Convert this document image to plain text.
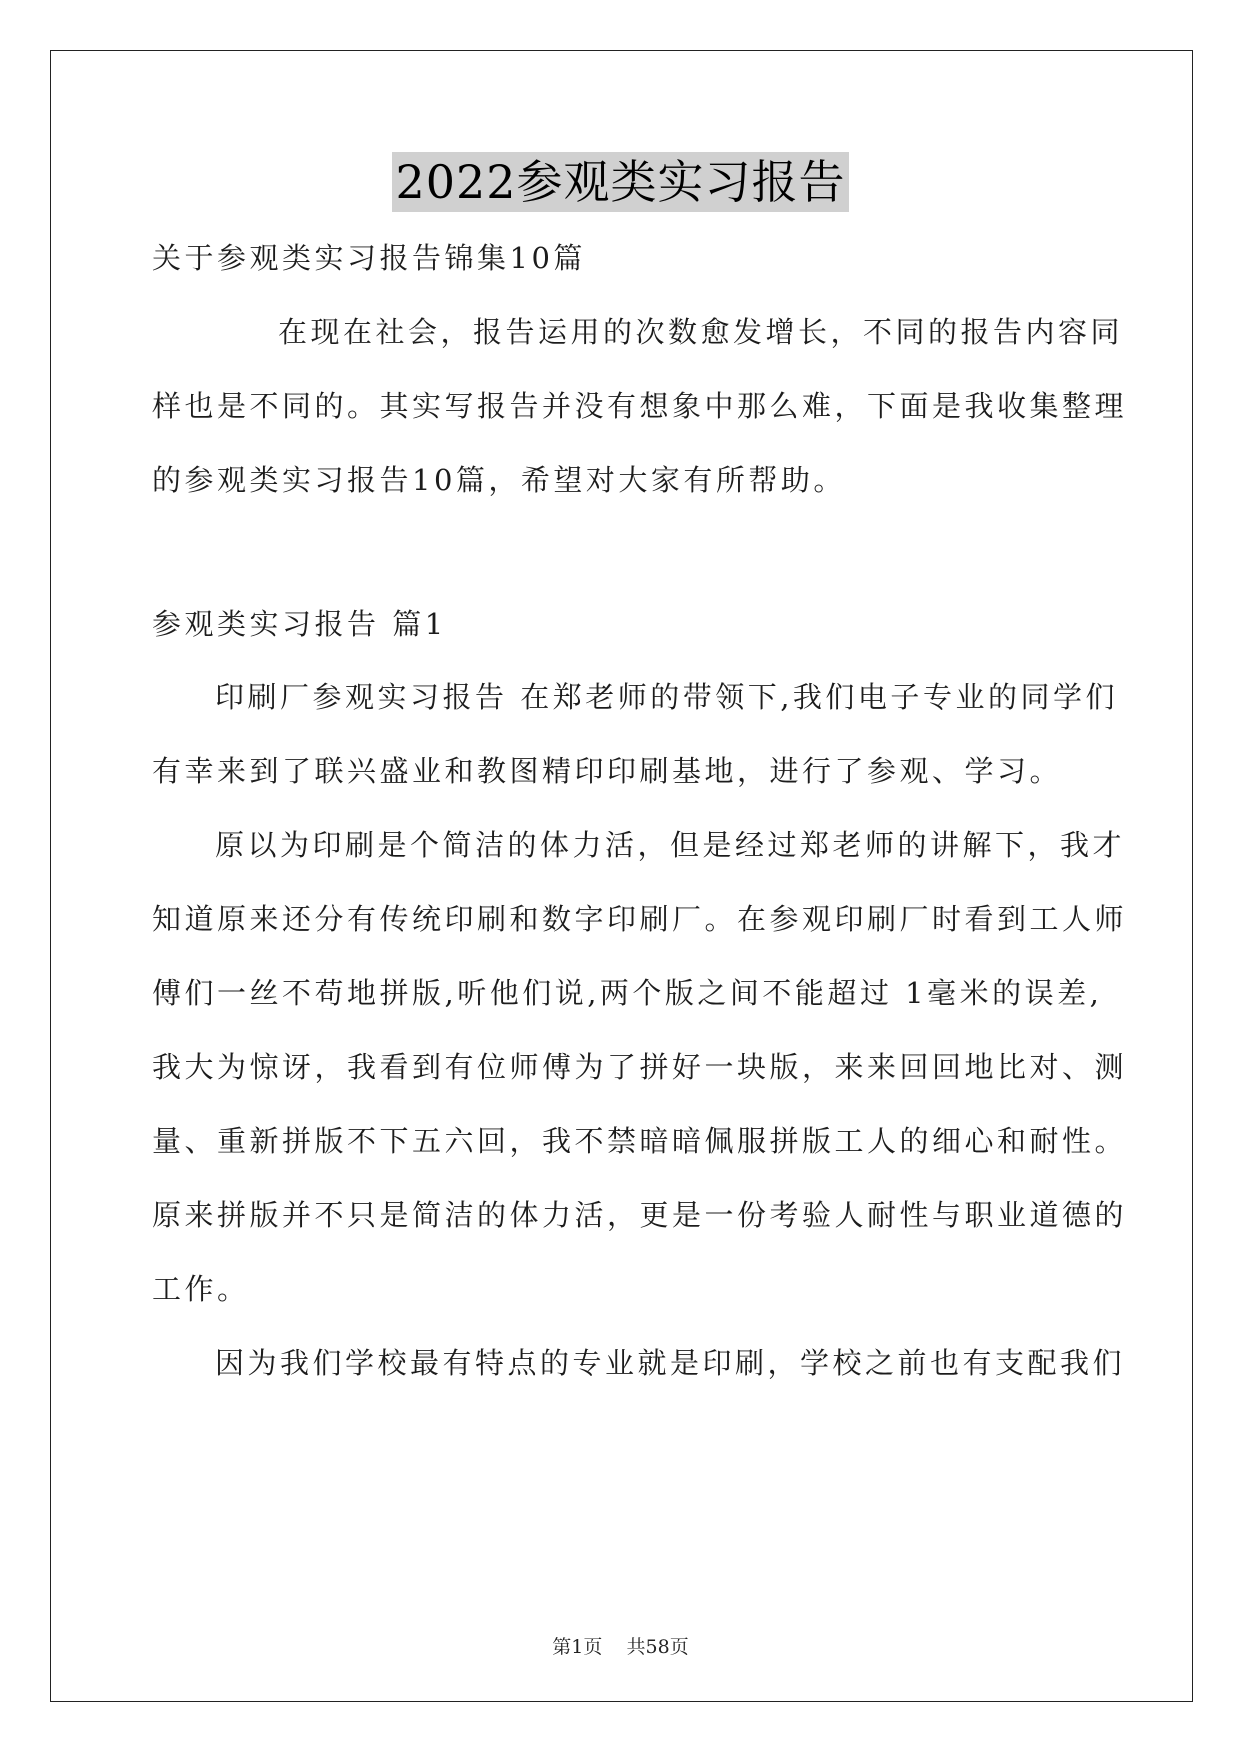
2022参观类实习报告
关于参观类实习报告锦集10篇
在现在社会，报告运用的次数愈发增长，不同的报告内容同
样也是不同的。其实写报告并没有想象中那么难，下面是我收集整理
的参观类实习报告10篇，希望对大家有所帮助。
参观类实习报告 篇1
印刷厂参观实习报告 在郑老师的带领下,我们电子专业的同学们
有幸来到了联兴盛业和教图精印印刷基地，进行了参观、学习。
原以为印刷是个简洁的体力活，但是经过郑老师的讲解下，我才
知道原来还分有传统印刷和数字印刷厂。在参观印刷厂时看到工人师
傅们一丝不苟地拼版,听他们说,两个版之间不能超过 1毫米的误差,
我大为惊讶，我看到有位师傅为了拼好一块版，来来回回地比对、测
量、重新拼版不下五六回，我不禁暗暗佩服拼版工人的细心和耐性。
原来拼版并不只是简洁的体力活，更是一份考验人耐性与职业道德的
工作。
因为我们学校最有特点的专业就是印刷，学校之前也有支配我们
第1页 共58页
